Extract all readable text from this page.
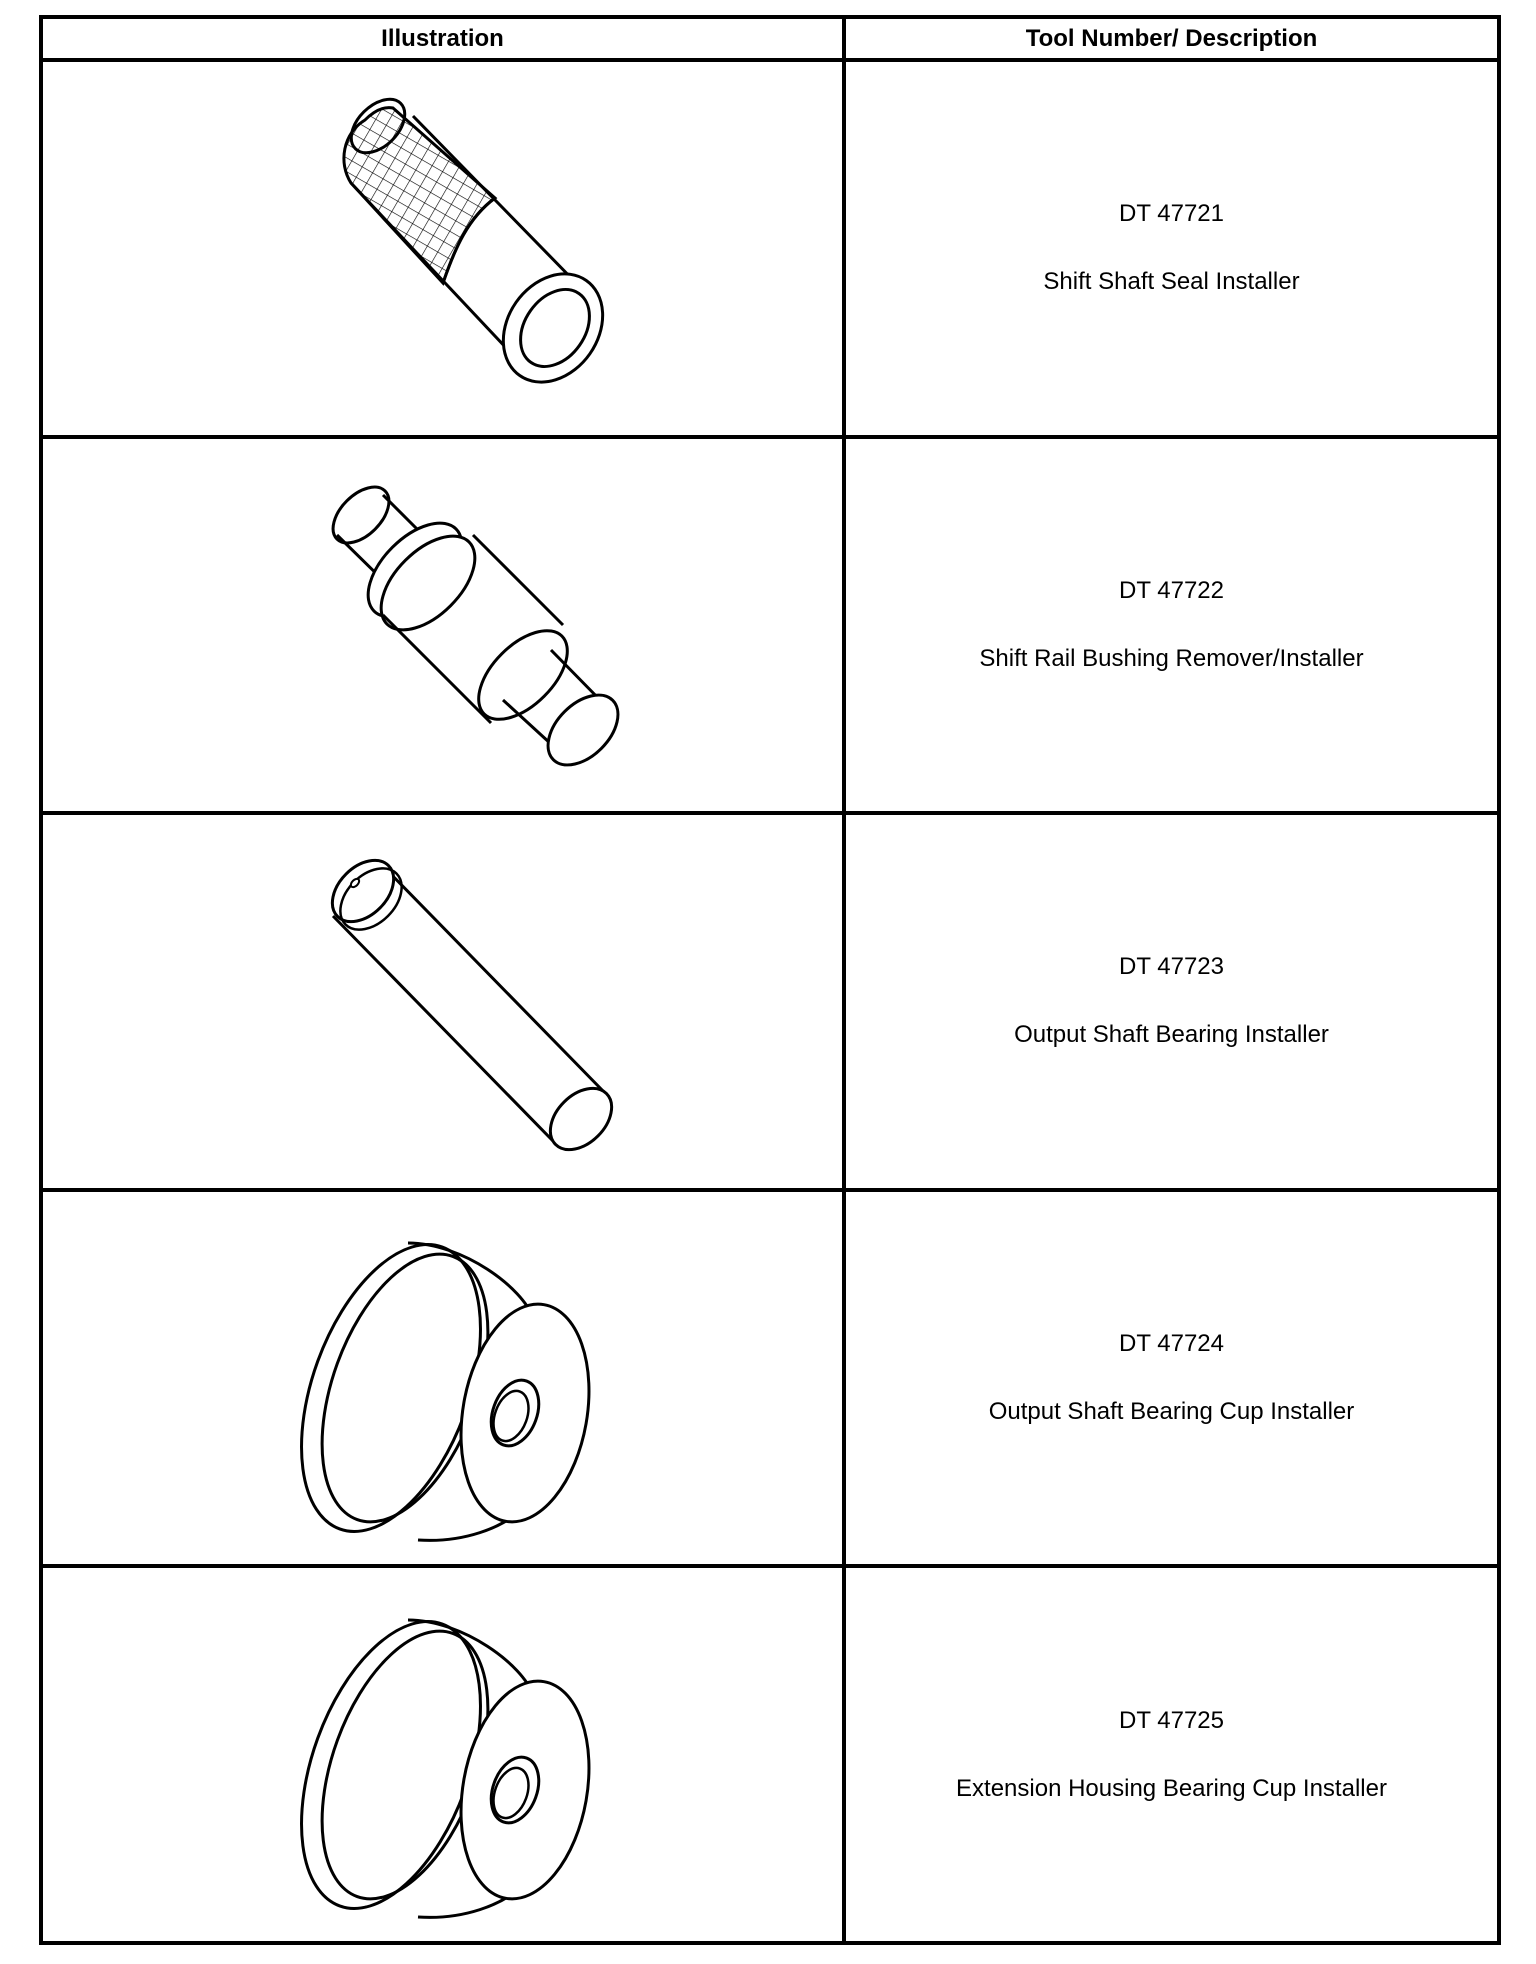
Illustration	Tool Number/ Description
DT 47721
Shift Shaft Seal Installer
DT 47722
Shift Rail Bushing Remover/Installer
DT 47723
Output Shaft Bearing Installer
DT 47724
Output Shaft Bearing Cup Installer
DT 47725
Extension Housing Bearing Cup Installer
